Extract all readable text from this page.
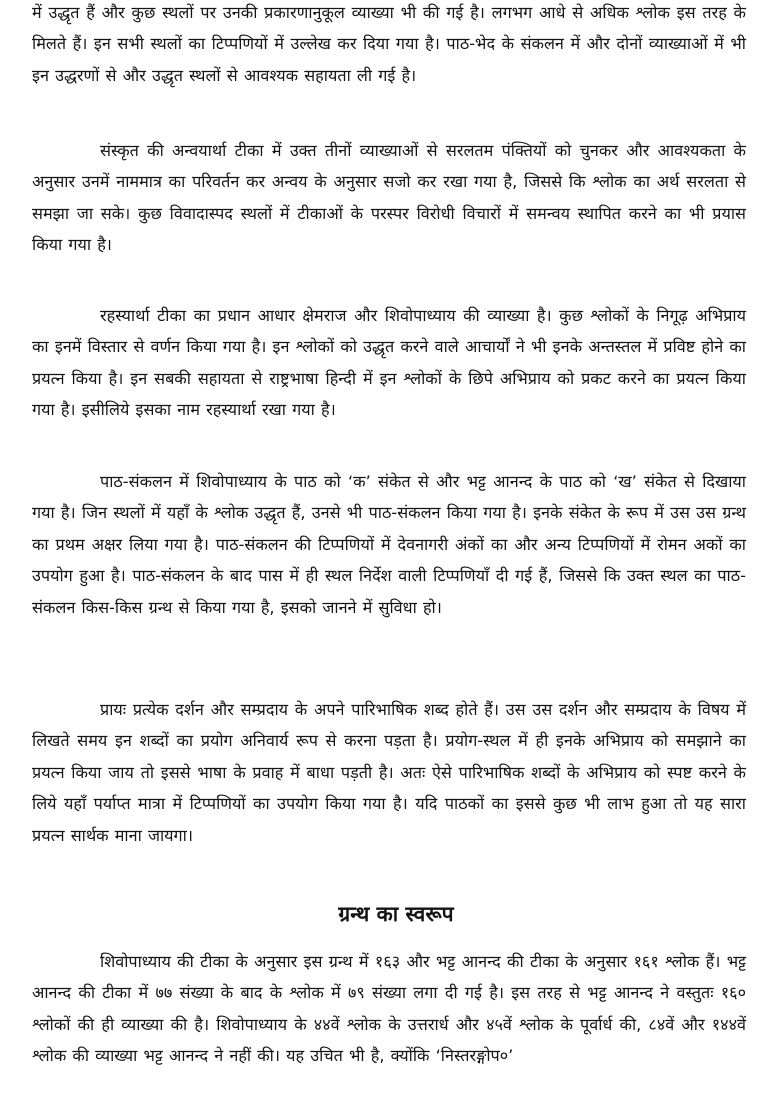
में उद्धृत हैं और कुछ स्थलों पर उनकी प्रकारणानुकूल व्याख्या भी की गई है। लगभग आधे से अधिक श्लोक इस तरह के मिलते हैं। इन सभी स्थलों का टिप्पणियों में उल्लेख कर दिया गया है। पाठ-भेद के संकलन में और दोनों व्याख्याओं में भी इन उद्धरणों से और उद्धृत स्थलों से आवश्यक सहायता ली गई है।

संस्कृत की अन्वयार्था टीका में उक्त तीनों व्याख्याओं से सरलतम पंक्तियों को चुनकर और आवश्यकता के अनुसार उनमें नाममात्र का परिवर्तन कर अन्वय के अनुसार सजो कर रखा गया है, जिससे कि श्लोक का अर्थ सरलता से समझा जा सके। कुछ विवादास्पद स्थलों में टीकाओं के परस्पर विरोधी विचारों में समन्वय स्थापित करने का भी प्रयास किया गया है।

रहस्यार्था टीका का प्रधान आधार क्षेमराज और शिवोपाध्याय की व्याख्या है। कुछ श्लोकों के निगूढ़ अभिप्राय का इनमें विस्तार से वर्णन किया गया है। इन श्लोकों को उद्धृत करने वाले आचार्यों ने भी इनके अन्तस्तल में प्रविष्ट होने का प्रयत्न किया है। इन सबकी सहायता से राष्ट्रभाषा हिन्दी में इन श्लोकों के छिपे अभिप्राय को प्रकट करने का प्रयत्न किया गया है। इसीलिये इसका नाम रहस्यार्था रखा गया है।

पाठ-संकलन में शिवोपाध्याय के पाठ को ‘क’ संकेत से और भट्ट आनन्द के पाठ को ‘ख’ संकेत से दिखाया गया है। जिन स्थलों में यहाँ के श्लोक उद्धृत हैं, उनसे भी पाठ-संकलन किया गया है। इनके संकेत के रूप में उस उस ग्रन्थ का प्रथम अक्षर लिया गया है। पाठ-संकलन की टिप्पणियों में देवनागरी अंकों का और अन्य टिप्पणियों में रोमन अकों का उपयोग हुआ है। पाठ-संकलन के बाद पास में ही स्थल निर्देश वाली टिप्पणियाँ दी गई हैं, जिससे कि उक्त स्थल का पाठ-संकलन किस-किस ग्रन्थ से किया गया है, इसको जानने में सुविधा हो।

प्रायः प्रत्येक दर्शन और सम्प्रदाय के अपने पारिभाषिक शब्द होते हैं। उस उस दर्शन और सम्प्रदाय के विषय में लिखते समय इन शब्दों का प्रयोग अनिवार्य रूप से करना पड़ता है। प्रयोग-स्थल में ही इनके अभिप्राय को समझाने का प्रयत्न किया जाय तो इससे भाषा के प्रवाह में बाधा पड़ती है। अतः ऐसे पारिभाषिक शब्दों के अभिप्राय को स्पष्ट करने के लिये यहाँ पर्याप्त मात्रा में टिप्पणियों का उपयोग किया गया है। यदि पाठकों का इससे कुछ भी लाभ हुआ तो यह सारा प्रयत्न सार्थक माना जायगा।

ग्रन्थ का स्वरूप

शिवोपाध्याय की टीका के अनुसार इस ग्रन्थ में १६३ और भट्ट आनन्द की टीका के अनुसार १६१ श्लोक हैं। भट्ट आनन्द की टीका में ७७ संख्या के बाद के श्लोक में ७९ संख्या लगा दी गई है। इस तरह से भट्ट आनन्द ने वस्तुतः १६० श्लोकों की ही व्याख्या की है। शिवोपाध्याय के ४४वें श्लोक के उत्तरार्ध और ४५वें श्लोक के पूर्वार्ध की, ८४वें और १४४वें श्लोक की व्याख्या भट्ट आनन्द ने नहीं की। यह उचित भी है, क्योंकि ‘निस्तरङ्गोप०’
